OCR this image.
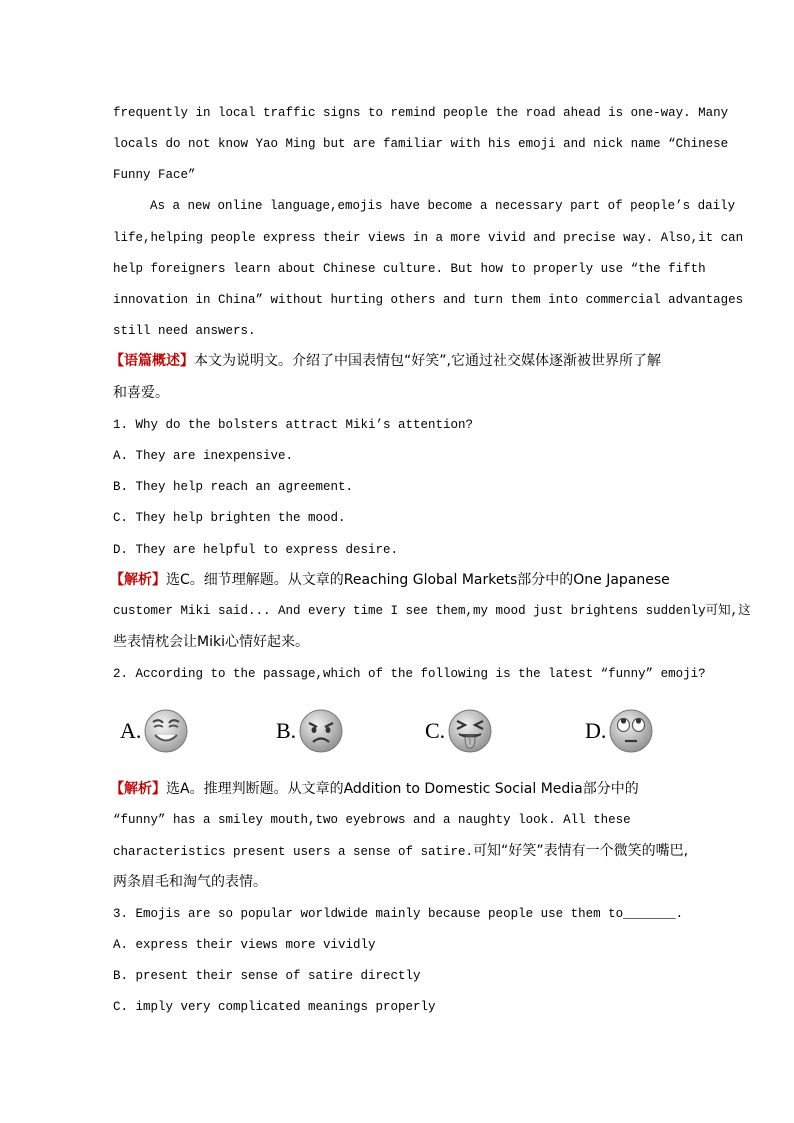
frequently in local traffic signs to remind people the road ahead is one-way. Many
locals do not know Yao Ming but are familiar with his emoji and nick name “Chinese
Funny Face”
As a new online language,emojis have become a necessary part of people’s daily
life,helping people express their views in a more vivid and precise way. Also,it can
help foreigners learn about Chinese culture. But how to properly use “the fifth
innovation in China” without hurting others and turn them into commercial advantages
still need answers.
【语篇概述】本文为说明文。介绍了中国表情包“好笑”,它通过社交媒体逐渐被世界所了解
和喜爱。
1. Why do the bolsters attract Miki’s attention?
A. They are inexpensive.
B. They help reach an agreement.
C. They help brighten the mood.
D. They are helpful to express desire.
【解析】选C。细节理解题。从文章的Reaching Global Markets部分中的One Japanese
customer Miki said... And every time I see them,my mood just brightens suddenly可知,这
些表情枕会让Miki心情好起来。
2. According to the passage,which of the following is the latest “funny” emoji?
A.	B.	C.	D.
【解析】选A。推理判断题。从文章的Addition to Domestic Social Media部分中的
“funny” has a smiley mouth,two eyebrows and a naughty look. All these
characteristics present users a sense of satire.可知“好笑”表情有一个微笑的嘴巴,
两条眉毛和淘气的表情。
3. Emojis are so popular worldwide mainly because people use them to_______.
A. express their views more vividly
B. present their sense of satire directly
C. imply very complicated meanings properly
